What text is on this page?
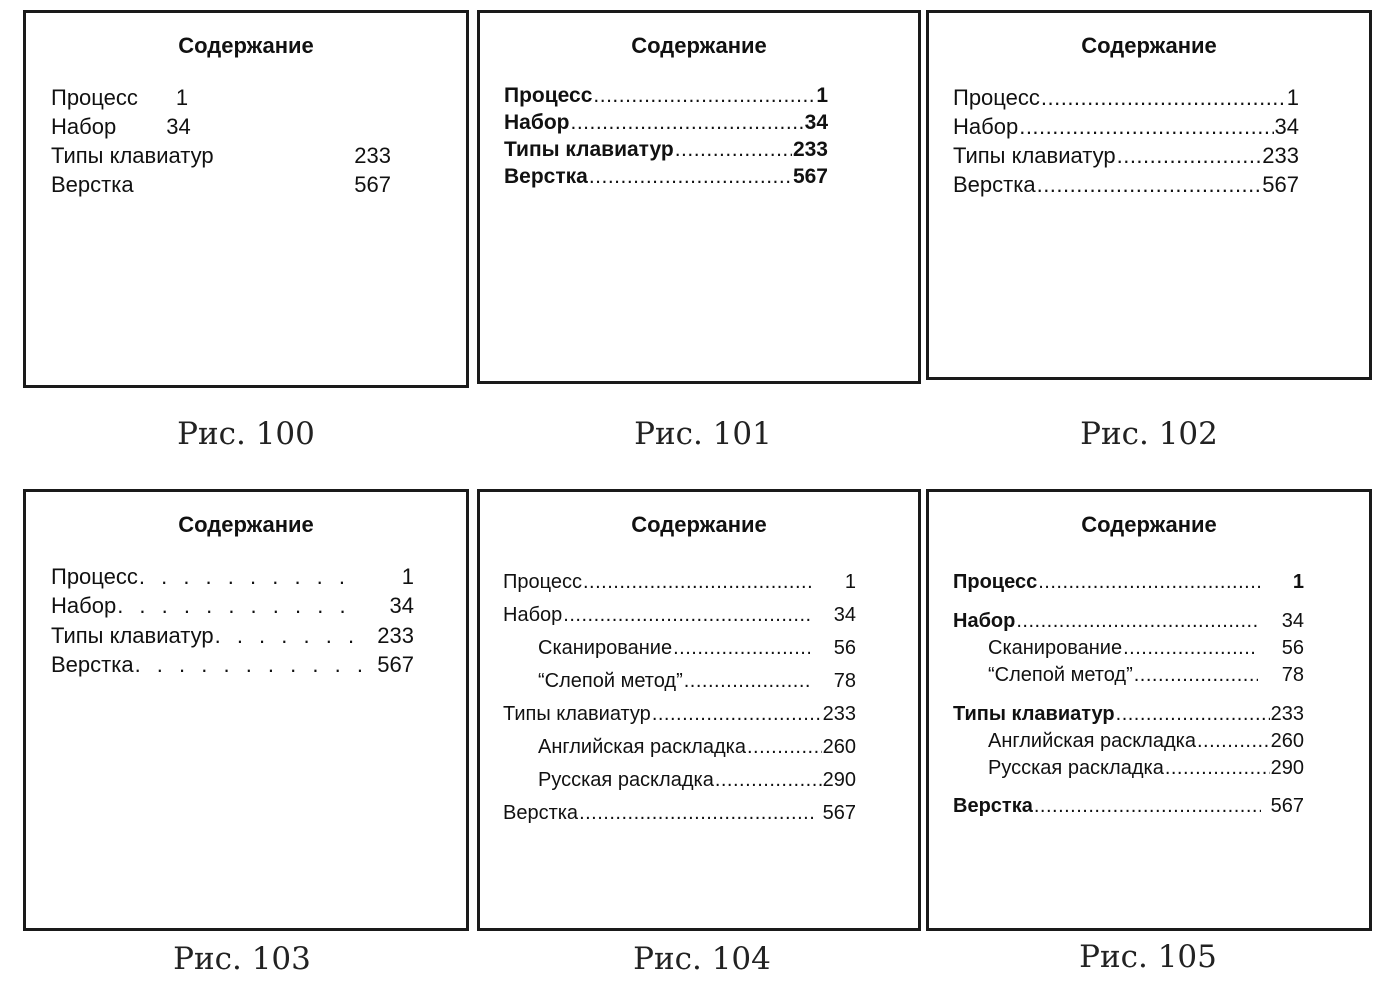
Содержание
Процесс 1
Набор 34
Типы клавиатур	233
Верстка	567
Содержание
Процесс .....	1
Набор .....	34
Типы клавиатур .....	233
Верстка .....	567
Содержание
Процесс .....	1
Набор .....	34
Типы клавиатур .....	233
Верстка .....	567
Содержание
Процесс . . .	1
Набор . . .	34
Типы клавиатур . . .	233
Верстка . . .	567
Содержание
Процесс .....	1
Набор .....	34
Сканирование .....	56
“Слепой метод” .....	78
Типы клавиатур .....	233
Английская раскладка .....	260
Русская раскладка .....	290
Верстка .....	567
Содержание
Процесс .....	1
Набор .....	34
Сканирование .....	56
“Слепой метод” .....	78
Типы клавиатур .....	233
Английская раскладка .....	260
Русская раскладка .....	290
Верстка .....	567
Рис. 100	Рис. 101	Рис. 102
Рис. 103	Рис. 104	Рис. 105
